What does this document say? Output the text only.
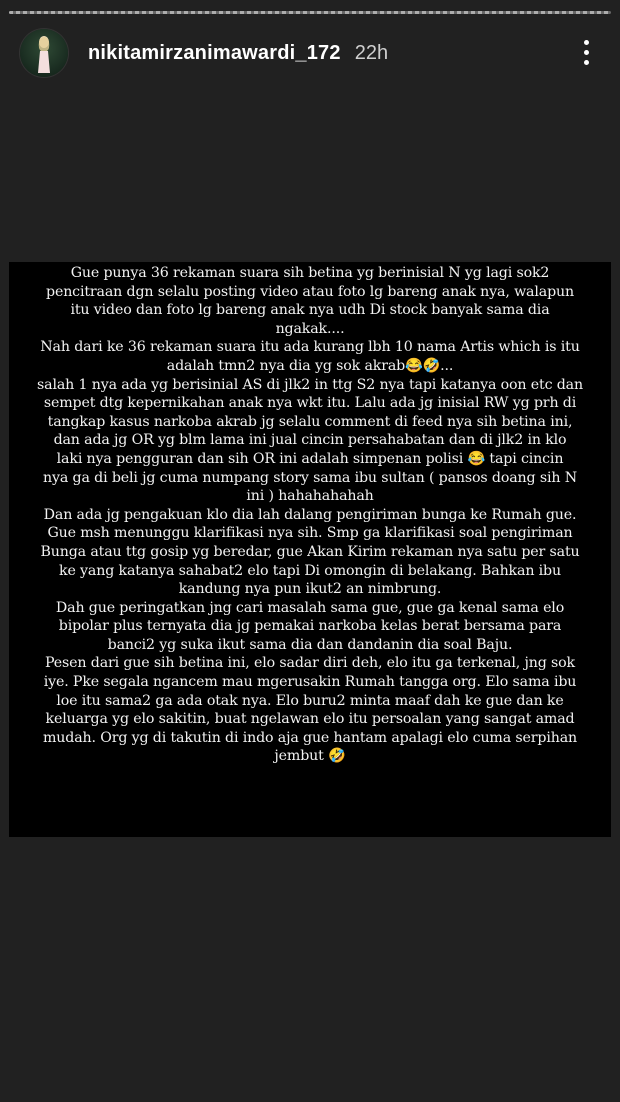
nikitamirzanimawardi_172 22h

Gue punya 36 rekaman suara sih betina yg berinisial N yg lagi sok2
pencitraan dgn selalu posting video atau foto lg bareng anak nya, walapun
itu video dan foto lg bareng anak nya udh Di stock banyak sama dia
ngakak....
Nah dari ke 36 rekaman suara itu ada kurang lbh 10 nama Artis which is itu
adalah tmn2 nya dia yg sok akrab😂🤣...
salah 1 nya ada yg berisinial AS di jlk2 in ttg S2 nya tapi katanya oon etc dan
sempet dtg kepernikahan anak nya wkt itu. Lalu ada jg inisial RW yg prh di
tangkap kasus narkoba akrab jg selalu comment di feed nya sih betina ini,
dan ada jg OR yg blm lama ini jual cincin persahabatan dan di jlk2 in klo
laki nya pengguran dan sih OR ini adalah simpenan polisi 😂 tapi cincin
nya ga di beli jg cuma numpang story sama ibu sultan ( pansos doang sih N
ini ) hahahahahah
Dan ada jg pengakuan klo dia lah dalang pengiriman bunga ke Rumah gue.
Gue msh menunggu klarifikasi nya sih. Smp ga klarifikasi soal pengiriman
Bunga atau ttg gosip yg beredar, gue Akan Kirim rekaman nya satu per satu
ke yang katanya sahabat2 elo tapi Di omongin di belakang. Bahkan ibu
kandung nya pun ikut2 an nimbrung.
Dah gue peringatkan jng cari masalah sama gue, gue ga kenal sama elo
bipolar plus ternyata dia jg pemakai narkoba kelas berat bersama para
banci2 yg suka ikut sama dia dan dandanin dia soal Baju.
Pesen dari gue sih betina ini, elo sadar diri deh, elo itu ga terkenal, jng sok
iye. Pke segala ngancem mau mgerusakin Rumah tangga org. Elo sama ibu
loe itu sama2 ga ada otak nya. Elo buru2 minta maaf dah ke gue dan ke
keluarga yg elo sakitin, buat ngelawan elo itu persoalan yang sangat amad
mudah. Org yg di takutin di indo aja gue hantam apalagi elo cuma serpihan
jembut 🤣
